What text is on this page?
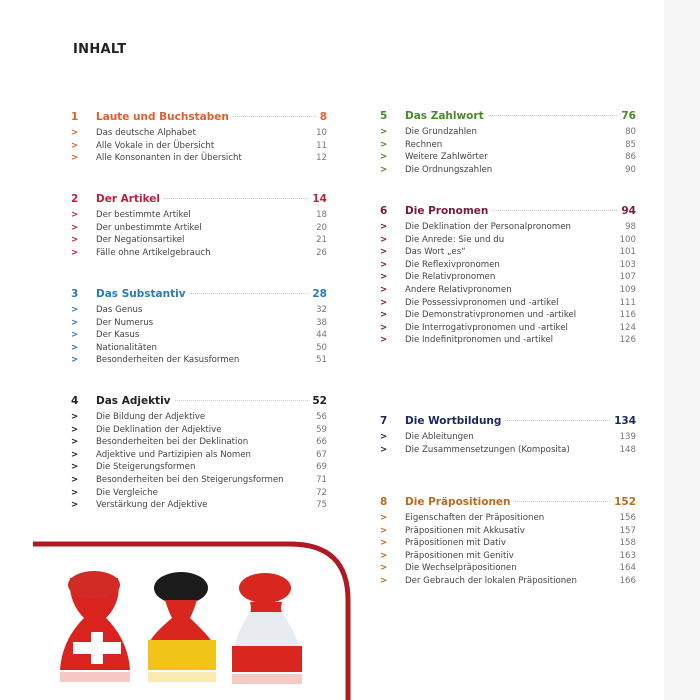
INHALT
1	Laute und Buchstaben	8
>	Das deutsche Alphabet	10
>	Alle Vokale in der Übersicht	11
>	Alle Konsonanten in der Übersicht	12
2	Der Artikel	14
>	Der bestimmte Artikel	18
>	Der unbestimmte Artikel	20
>	Der Negationsartikel	21
>	Fälle ohne Artikelgebrauch	26
3	Das Substantiv	28
>	Das Genus	32
>	Der Numerus	38
>	Der Kasus	44
>	Nationalitäten	50
>	Besonderheiten der Kasusformen	51
4	Das Adjektiv	52
>	Die Bildung der Adjektive	56
>	Die Deklination der Adjektive	59
>	Besonderheiten bei der Deklination	66
>	Adjektive und Partizipien als Nomen	67
>	Die Steigerungsformen	69
>	Besonderheiten bei den Steigerungsformen	71
>	Die Vergleiche	72
>	Verstärkung der Adjektive	75
5	Das Zahlwort	76
>	Die Grundzahlen	80
>	Rechnen	85
>	Weitere Zahlwörter	86
>	Die Ordnungszahlen	90
6	Die Pronomen	94
>	Die Deklination der Personalpronomen	98
>	Die Anrede: Sie und du	100
>	Das Wort „es“	101
>	Die Reflexivpronomen	103
>	Die Relativpronomen	107
>	Andere Relativpronomen	109
>	Die Possessivpronomen und -artikel	111
>	Die Demonstrativpronomen und -artikel	116
>	Die Interrogativpronomen und -artikel	124
>	Die Indefinitpronomen und -artikel	126
7	Die Wortbildung	134
>	Die Ableitungen	139
>	Die Zusammensetzungen (Komposita)	148
8	Die Präpositionen	152
>	Eigenschaften der Präpositionen	156
>	Präpositionen mit Akkusativ	157
>	Präpositionen mit Dativ	158
>	Präpositionen mit Genitiv	163
>	Die Wechselpräpositionen	164
>	Der Gebrauch der lokalen Präpositionen	166
